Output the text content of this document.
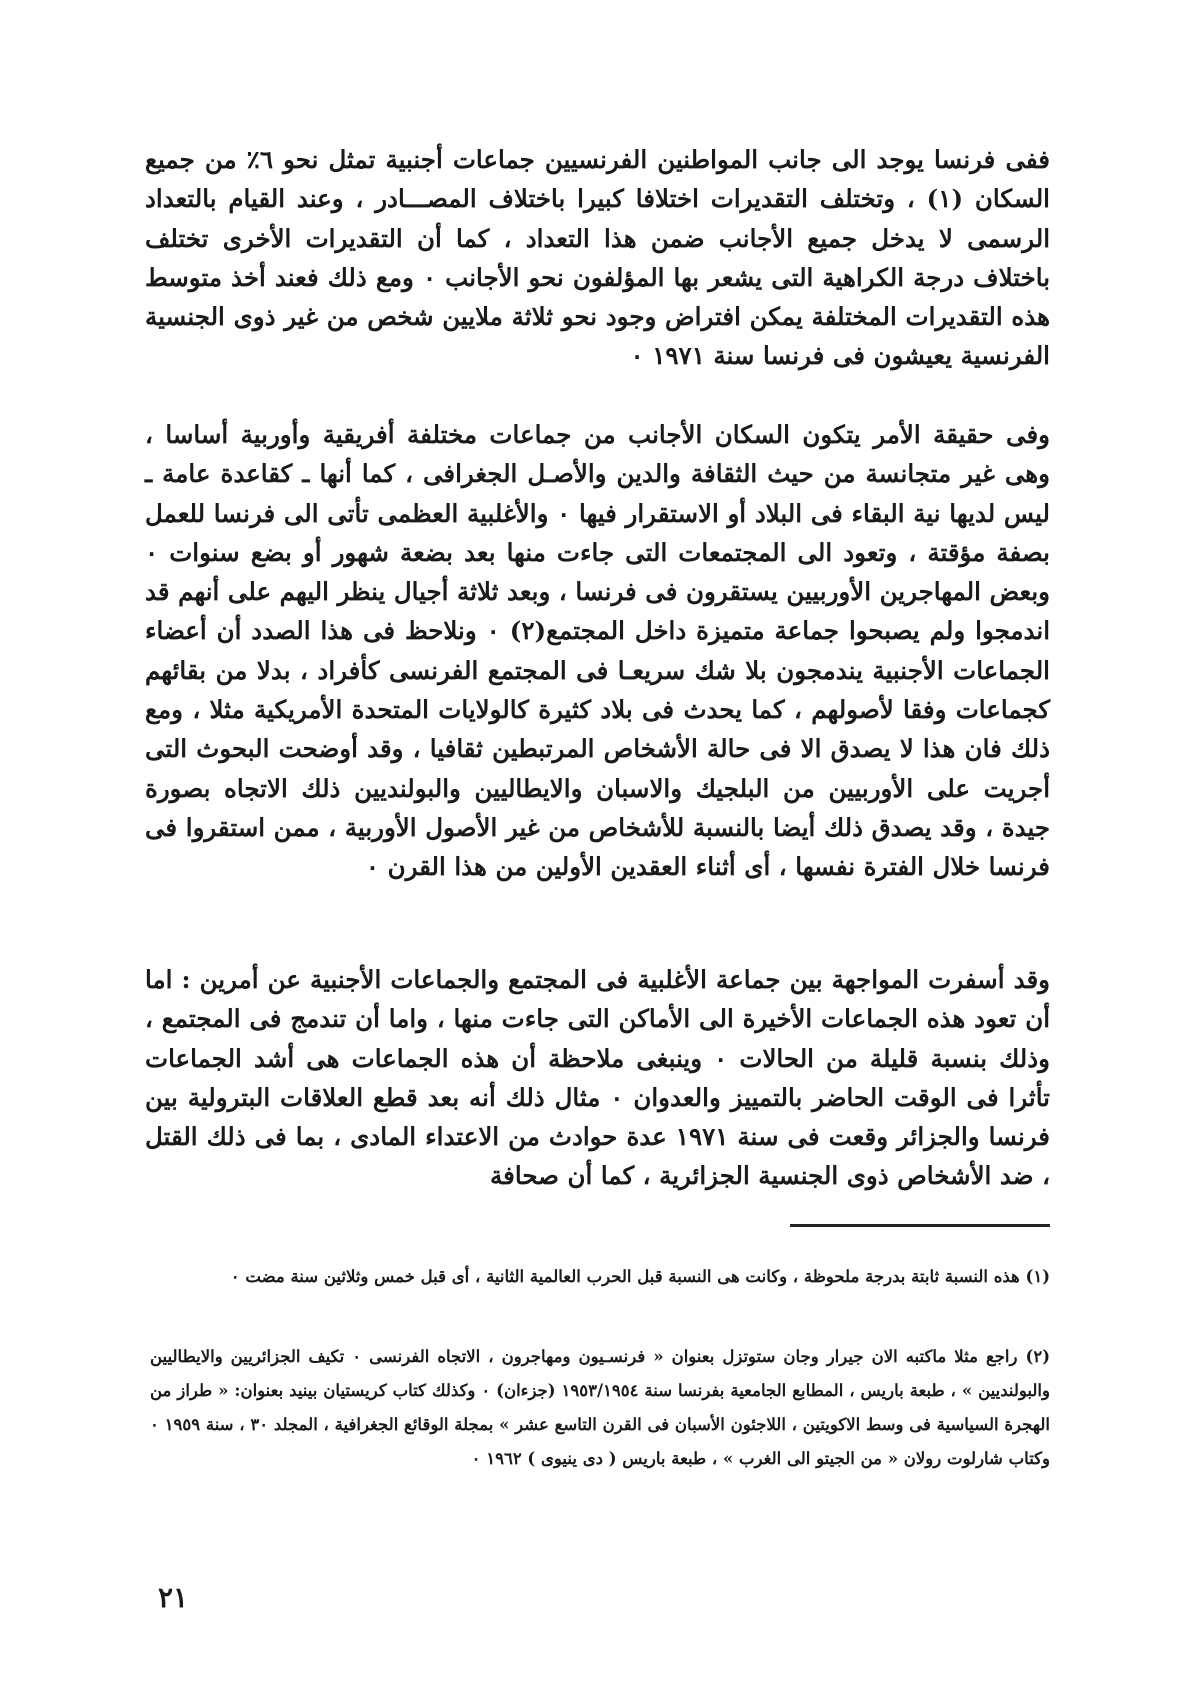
ففى فرنسا يوجد الى جانب المواطنين الفرنسيين جماعات أجنبية تمثل نحو ٦٪ من جميع السكان (١) ، وتختلف التقديرات اختلافا كبيرا باختلاف المصـــادر ، وعند القيام بالتعداد الرسمى لا يدخل جميع الأجانب ضمن هذا التعداد ، كما أن التقديرات الأخرى تختلف باختلاف درجة الكراهية التى يشعر بها المؤلفون نحو الأجانب ٠ ومع ذلك فعند أخذ متوسط هذه التقديرات المختلفة يمكن افتراض وجود نحو ثلاثة ملايين شخص من غير ذوى الجنسية الفرنسية يعيشون فى فرنسا سنة ١٩٧١ ٠

وفى حقيقة الأمر يتكون السكان الأجانب من جماعات مختلفة أفريقية وأوربية أساسا ، وهى غير متجانسة من حيث الثقافة والدين والأصـل الجغرافى ، كما أنها ـ كقاعدة عامة ـ ليس لديها نية البقاء فى البلاد أو الاستقرار فيها ٠ والأغلبية العظمى تأتى الى فرنسا للعمل بصفة مؤقتة ، وتعود الى المجتمعات التى جاءت منها بعد بضعة شهور أو بضع سنوات ٠ وبعض المهاجرين الأوربيين يستقرون فى فرنسا ، وبعد ثلاثة أجيال ينظر اليهم على أنهم قد اندمجوا ولم يصبحوا جماعة متميزة داخل المجتمع(٢) ٠ ونلاحظ فى هذا الصدد أن أعضاء الجماعات الأجنبية يندمجون بلا شك سريعـا فى المجتمع الفرنسى كأفراد ، بدلا من بقائهم كجماعات وفقا لأصولهم ، كما يحدث فى بلاد كثيرة كالولايات المتحدة الأمريكية مثلا ، ومع ذلك فان هذا لا يصدق الا فى حالة الأشخاص المرتبطين ثقافيا ، وقد أوضحت البحوث التى أجريت على الأوربيين من البلجيك والاسبان والايطاليين والبولنديين ذلك الاتجاه بصورة جيدة ، وقد يصدق ذلك أيضا بالنسبة للأشخاص من غير الأصول الأوربية ، ممن استقروا فى فرنسا خلال الفترة نفسها ، أى أثناء العقدين الأولين من هذا القرن ٠

وقد أسفرت المواجهة بين جماعة الأغلبية فى المجتمع والجماعات الأجنبية عن أمرين : اما أن تعود هذه الجماعات الأخيرة الى الأماكن التى جاءت منها ، واما أن تندمج فى المجتمع ، وذلك بنسبة قليلة من الحالات ٠ وينبغى ملاحظة أن هذه الجماعات هى أشد الجماعات تأثرا فى الوقت الحاضر بالتمييز والعدوان ٠ مثال ذلك أنه بعد قطع العلاقات البترولية بين فرنسا والجزائر وقعت فى سنة ١٩٧١ عدة حوادث من الاعتداء المادى ، بما فى ذلك القتل ، ضد الأشخاص ذوى الجنسية الجزائرية ، كما أن صحافة

(١) هذه النسبة ثابتة بدرجة ملحوظة ، وكانت هى النسبة قبل الحرب العالمية الثانية ، أى قبل خمس وثلاثين سنة مضت ٠

(٢) راجع مثلا ماكتبه الان جيرار وجان ستوتزل بعنوان « فرنسـيون ومهاجرون ، الاتجاه الفرنسى ٠ تكيف الجزائريين والايطاليين والبولنديين » ، طبعة باريس ، المطابع الجامعية بفرنسا سنة ١٩٥٣/١٩٥٤ (جزءان) ٠ وكذلك كتاب كريستيان بينيد بعنوان: « طراز من الهجرة السياسية فى وسط الاكويتين ، اللاجئون الأسبان فى القرن التاسع عشر » بمجلة الوقائع الجغرافية ، المجلد ٣٠ ، سنة ١٩٥٩ ٠ وكتاب شارلوت رولان « من الجيتو الى الغرب » ، طبعة باريس ( دى ينيوى ) ١٩٦٢ ٠

٢١
